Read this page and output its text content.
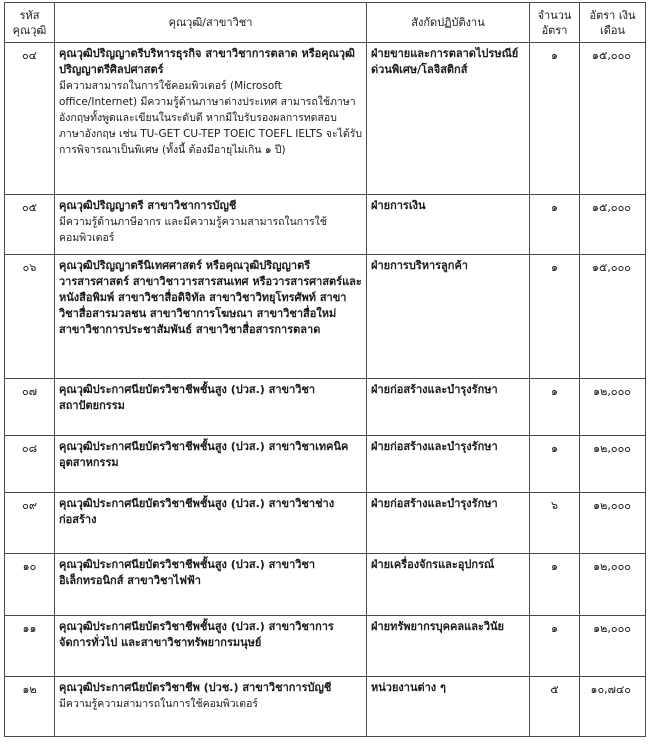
รหัส คุณวุฒิ	คุณวุฒิ/สาขาวิชา	สังกัดปฏิบัติงาน	จำนวน อัตรา	อัตรา เงินเดือน
๐๔	คุณวุฒิปริญญาตรีบริหารธุรกิจ สาขาวิชาการตลาด หรือคุณวุฒิปริญญาตรีศิลปศาสตร์
มีความสามารถในการใช้คอมพิวเตอร์ (Microsoft office/Internet) มีความรู้ด้านภาษาต่างประเทศ สามารถใช้ภาษาอังกฤษทั้งพูดและเขียนในระดับดี หากมีใบรับรองผลการทดสอบภาษาอังกฤษ เช่น TU-GET CU-TEP TOEIC TOEFL IELTS จะได้รับการพิจารณาเป็นพิเศษ (ทั้งนี้ ต้องมีอายุไม่เกิน ๑ ปี)	ฝ่ายขายและการตลาดไปรษณีย์ด่วนพิเศษ/โลจิสติกส์	๑	๑๕,๐๐๐
๐๕	คุณวุฒิปริญญาตรี สาขาวิชาการบัญชี
มีความรู้ด้านภาษีอากร และมีความรู้ความสามารถในการใช้คอมพิวเตอร์	ฝ่ายการเงิน	๑	๑๕,๐๐๐
๐๖	คุณวุฒิปริญญาตรีนิเทศศาสตร์ หรือคุณวุฒิปริญญาตรีวารสารศาสตร์ สาขาวิชาวารสารสนเทศ หรือวารสารศาสตร์และหนังสือพิมพ์ สาขาวิชาสื่อดิจิทัล สาขาวิชาวิทยุโทรศัพท์ สาขาวิชาสื่อสารมวลชน สาขาวิชาการโฆษณา สาขาวิชาสื่อใหม่ สาขาวิชาการประชาสัมพันธ์ สาขาวิชาสื่อสารการตลาด	ฝ่ายการบริหารลูกค้า	๑	๑๕,๐๐๐
๐๗	คุณวุฒิประกาศนียบัตรวิชาชีพชั้นสูง (ปวส.) สาขาวิชาสถาปัตยกรรม	ฝ่ายก่อสร้างและบำรุงรักษา	๑	๑๒,๐๐๐
๐๘	คุณวุฒิประกาศนียบัตรวิชาชีพชั้นสูง (ปวส.) สาขาวิชาเทคนิคอุตสาหกรรม	ฝ่ายก่อสร้างและบำรุงรักษา	๑	๑๒,๐๐๐
๐๙	คุณวุฒิประกาศนียบัตรวิชาชีพชั้นสูง (ปวส.) สาขาวิชาช่างก่อสร้าง	ฝ่ายก่อสร้างและบำรุงรักษา	๖	๑๒,๐๐๐
๑๐	คุณวุฒิประกาศนียบัตรวิชาชีพชั้นสูง (ปวส.) สาขาวิชาอิเล็กทรอนิกส์ สาขาวิชาไฟฟ้า	ฝ่ายเครื่องจักรและอุปกรณ์	๑	๑๒,๐๐๐
๑๑	คุณวุฒิประกาศนียบัตรวิชาชีพชั้นสูง (ปวส.) สาขาวิชาการจัดการทั่วไป และสาขาวิชาทรัพยากรมนุษย์	ฝ่ายทรัพยากรบุคคลและวินัย	๑	๑๒,๐๐๐
๑๒	คุณวุฒิประกาศนียบัตรวิชาชีพ (ปวช.) สาขาวิชาการบัญชี
มีความรู้ความสามารถในการใช้คอมพิวเตอร์	หน่วยงานต่าง ๆ	๕	๑๐,๗๔๐
